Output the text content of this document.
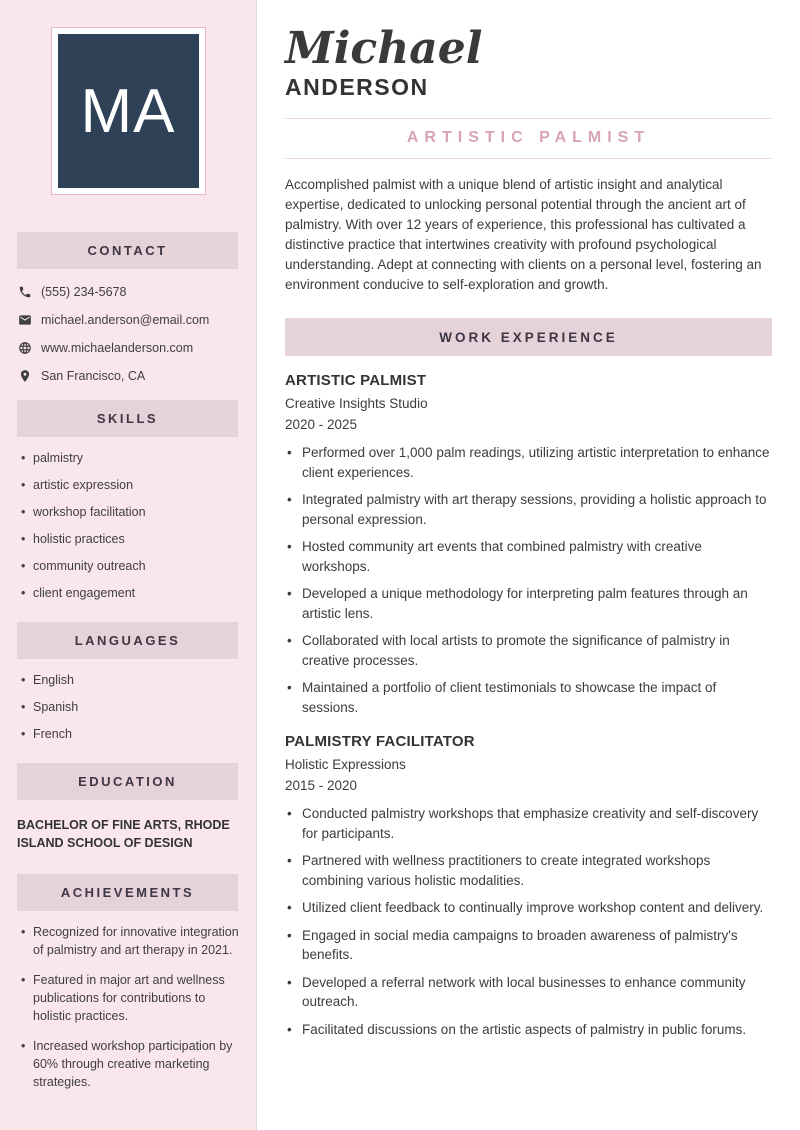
MA
CONTACT
(555) 234-5678
michael.anderson@email.com
www.michaelanderson.com
San Francisco, CA
SKILLS
• palmistry
• artistic expression
• workshop facilitation
• holistic practices
• community outreach
• client engagement
LANGUAGES
• English
• Spanish
• French
EDUCATION
BACHELOR OF FINE ARTS, RHODE ISLAND SCHOOL OF DESIGN
ACHIEVEMENTS
• Recognized for innovative integration of palmistry and art therapy in 2021.
• Featured in major art and wellness publications for contributions to holistic practices.
• Increased workshop participation by 60% through creative marketing strategies.
Michael
ANDERSON
ARTISTIC PALMIST

Accomplished palmist with a unique blend of artistic insight and analytical expertise, dedicated to unlocking personal potential through the ancient art of palmistry. With over 12 years of experience, this professional has cultivated a distinctive practice that intertwines creativity with profound psychological understanding. Adept at connecting with clients on a personal level, fostering an environment conducive to self-exploration and growth.

WORK EXPERIENCE
ARTISTIC PALMIST
Creative Insights Studio
2020 - 2025
• Performed over 1,000 palm readings, utilizing artistic interpretation to enhance client experiences.
• Integrated palmistry with art therapy sessions, providing a holistic approach to personal expression.
• Hosted community art events that combined palmistry with creative workshops.
• Developed a unique methodology for interpreting palm features through an artistic lens.
• Collaborated with local artists to promote the significance of palmistry in creative processes.
• Maintained a portfolio of client testimonials to showcase the impact of sessions.
PALMISTRY FACILITATOR
Holistic Expressions
2015 - 2020
• Conducted palmistry workshops that emphasize creativity and self-discovery for participants.
• Partnered with wellness practitioners to create integrated workshops combining various holistic modalities.
• Utilized client feedback to continually improve workshop content and delivery.
• Engaged in social media campaigns to broaden awareness of palmistry's benefits.
• Developed a referral network with local businesses to enhance community outreach.
• Facilitated discussions on the artistic aspects of palmistry in public forums.
